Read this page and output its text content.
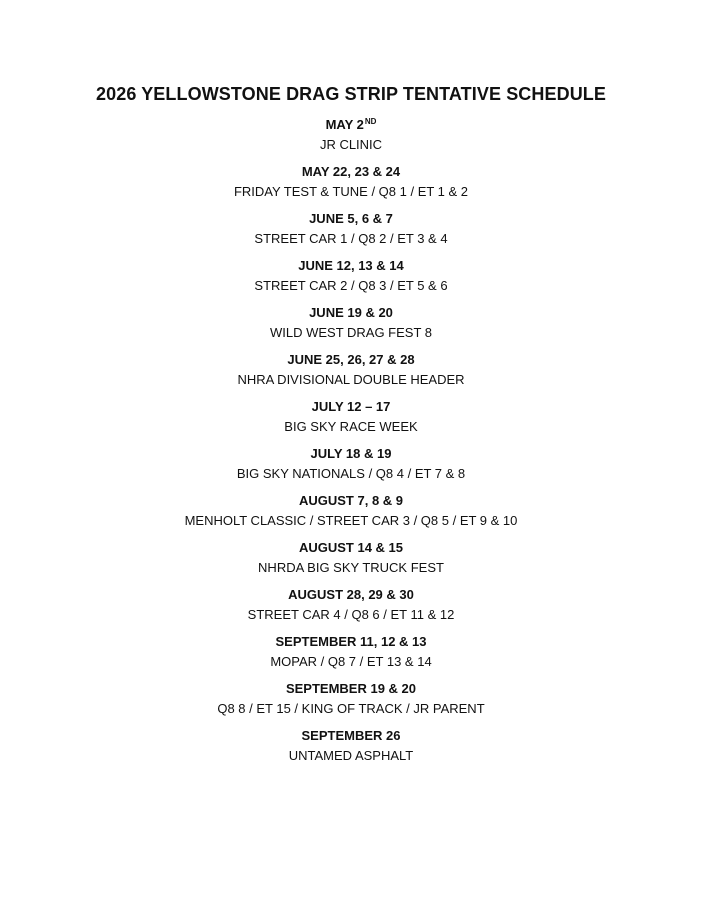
2026 YELLOWSTONE DRAG STRIP TENTATIVE SCHEDULE
MAY 2ND
JR CLINIC
MAY 22, 23 & 24
FRIDAY TEST & TUNE / Q8 1 / ET 1 & 2
JUNE 5, 6 & 7
STREET CAR 1 / Q8 2 / ET 3 & 4
JUNE 12, 13 & 14
STREET CAR 2 / Q8 3 / ET 5 & 6
JUNE 19 & 20
WILD WEST DRAG FEST 8
JUNE 25, 26, 27 & 28
NHRA DIVISIONAL DOUBLE HEADER
JULY 12 – 17
BIG SKY RACE WEEK
JULY 18 & 19
BIG SKY NATIONALS / Q8 4 / ET 7 & 8
AUGUST 7, 8 & 9
MENHOLT CLASSIC / STREET CAR 3 / Q8 5 / ET 9 & 10
AUGUST 14 & 15
NHRDA BIG SKY TRUCK FEST
AUGUST 28, 29 & 30
STREET CAR 4 / Q8 6 / ET 11 & 12
SEPTEMBER 11, 12 & 13
MOPAR / Q8 7 / ET 13 & 14
SEPTEMBER 19 & 20
Q8 8 / ET 15 / KING OF TRACK / JR PARENT
SEPTEMBER 26
UNTAMED ASPHALT
